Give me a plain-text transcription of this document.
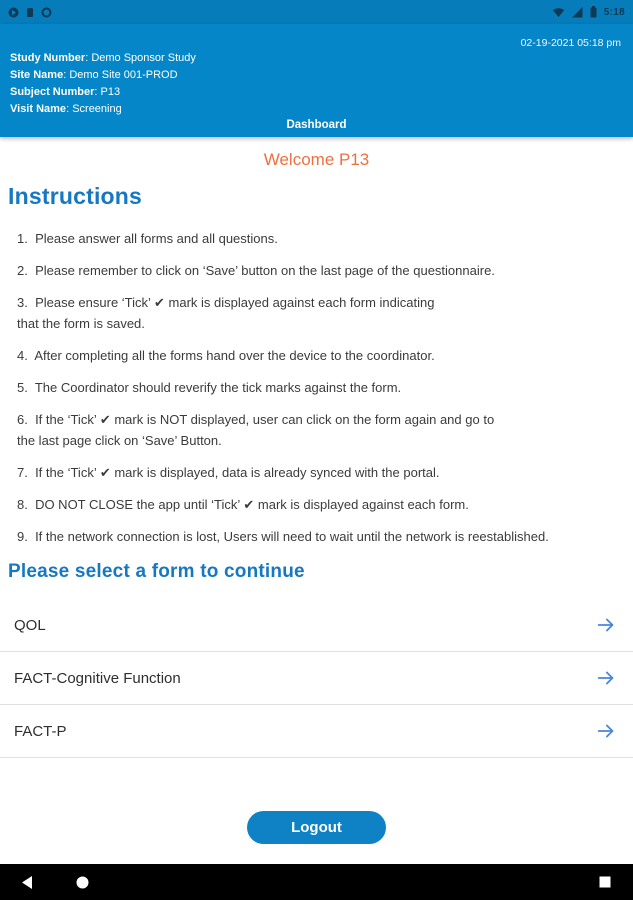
5:18
02-19-2021 05:18 pm
Study Number: Demo Sponsor Study
Site Name: Demo Site 001-PROD
Subject Number: P13
Visit Name: Screening
Dashboard
Welcome P13
Instructions
1.  Please answer all forms and all questions.
2.  Please remember to click on ‘Save’ button on the last page of the questionnaire.
3.  Please ensure ‘Tick’ ✔ mark is displayed against each form indicating
that the form is saved.
4.  After completing all the forms hand over the device to the coordinator.
5.  The Coordinator should reverify the tick marks against the form.
6.  If the ‘Tick’ ✔ mark is NOT displayed, user can click on the form again and go to
the last page click on ‘Save’ Button.
7.  If the ‘Tick’ ✔ mark is displayed, data is already synced with the portal.
8.  DO NOT CLOSE the app until ‘Tick’ ✔ mark is displayed against each form.
9.  If the network connection is lost, Users will need to wait until the network is reestablished.
Please select a form to continue
QOL
FACT-Cognitive Function
FACT-P
Logout
